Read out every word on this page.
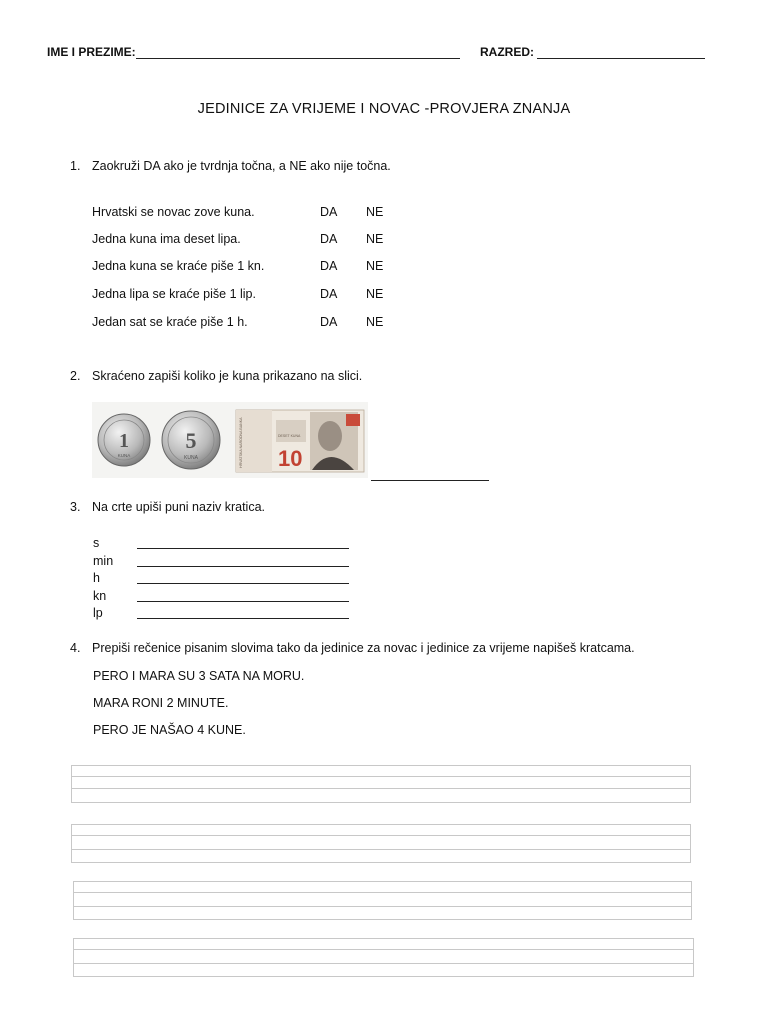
IME I PREZIME:	RAZRED:
JEDINICE ZA VRIJEME I NOVAC -PROVJERA ZNANJA
1. Zaokruži DA ako je tvrdnja točna, a NE ako nije točna.
Hrvatski se novac zove kuna.	DA NE
Jedna kuna ima deset lipa.	DA NE
Jedna kuna se kraće piše 1 kn.	DA NE
Jedna lipa se kraće piše 1 lip.	DA NE
Jedan sat se kraće piše 1 h.	DA NE
2. Skraćeno zapiši koliko je kuna prikazano na slici.
1
KUNA
5
KUNA	10
HRVATSKA NARODNA BANKA	DESET KUNA
3. Na crte upiši puni naziv kratica.
s
min
h
kn
lp
4. Prepiši rečenice pisanim slovima tako da jedinice za novac i jedinice za vrijeme napišeš kratcama.
PERO I MARA SU 3 SATA NA MORU.
MARA RONI 2 MINUTE.
PERO JE NAŠAO 4 KUNE.
